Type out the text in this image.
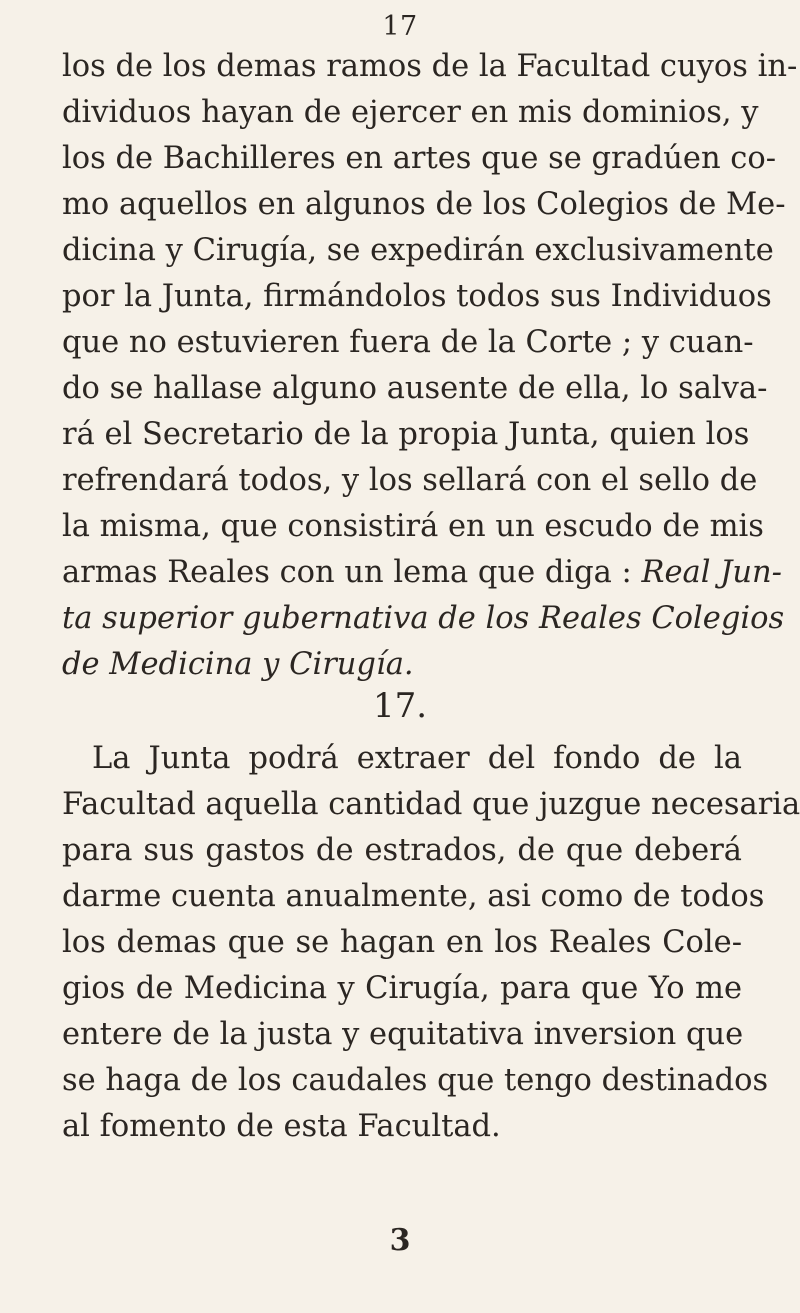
17
los de los demas ramos de la Facultad cuyos in-
dividuos hayan de ejercer en mis dominios, y
los de Bachilleres en artes que se gradúen co-
mo aquellos en algunos de los Colegios de Me-
dicina y Cirugía, se expedirán exclusivamente
por la Junta, firmándolos todos sus Individuos
que no estuvieren fuera de la Corte ; y cuan-
do se hallase alguno ausente de ella, lo salva-
rá el Secretario de la propia Junta, quien los
refrendará todos, y los sellará con el sello de
la misma, que consistirá en un escudo de mis
armas Reales con un lema que diga : Real Jun-
ta superior gubernativa de los Reales Colegios
de Medicina y Cirugía.
17.
La Junta podrá extraer del fondo de la
Facultad aquella cantidad que juzgue necesaria
para sus gastos de estrados, de que deberá
darme cuenta anualmente, asi como de todos
los demas que se hagan en los Reales Cole-
gios de Medicina y Cirugía, para que Yo me
entere de la justa y equitativa inversion que
se haga de los caudales que tengo destinados
al fomento de esta Facultad.
3
